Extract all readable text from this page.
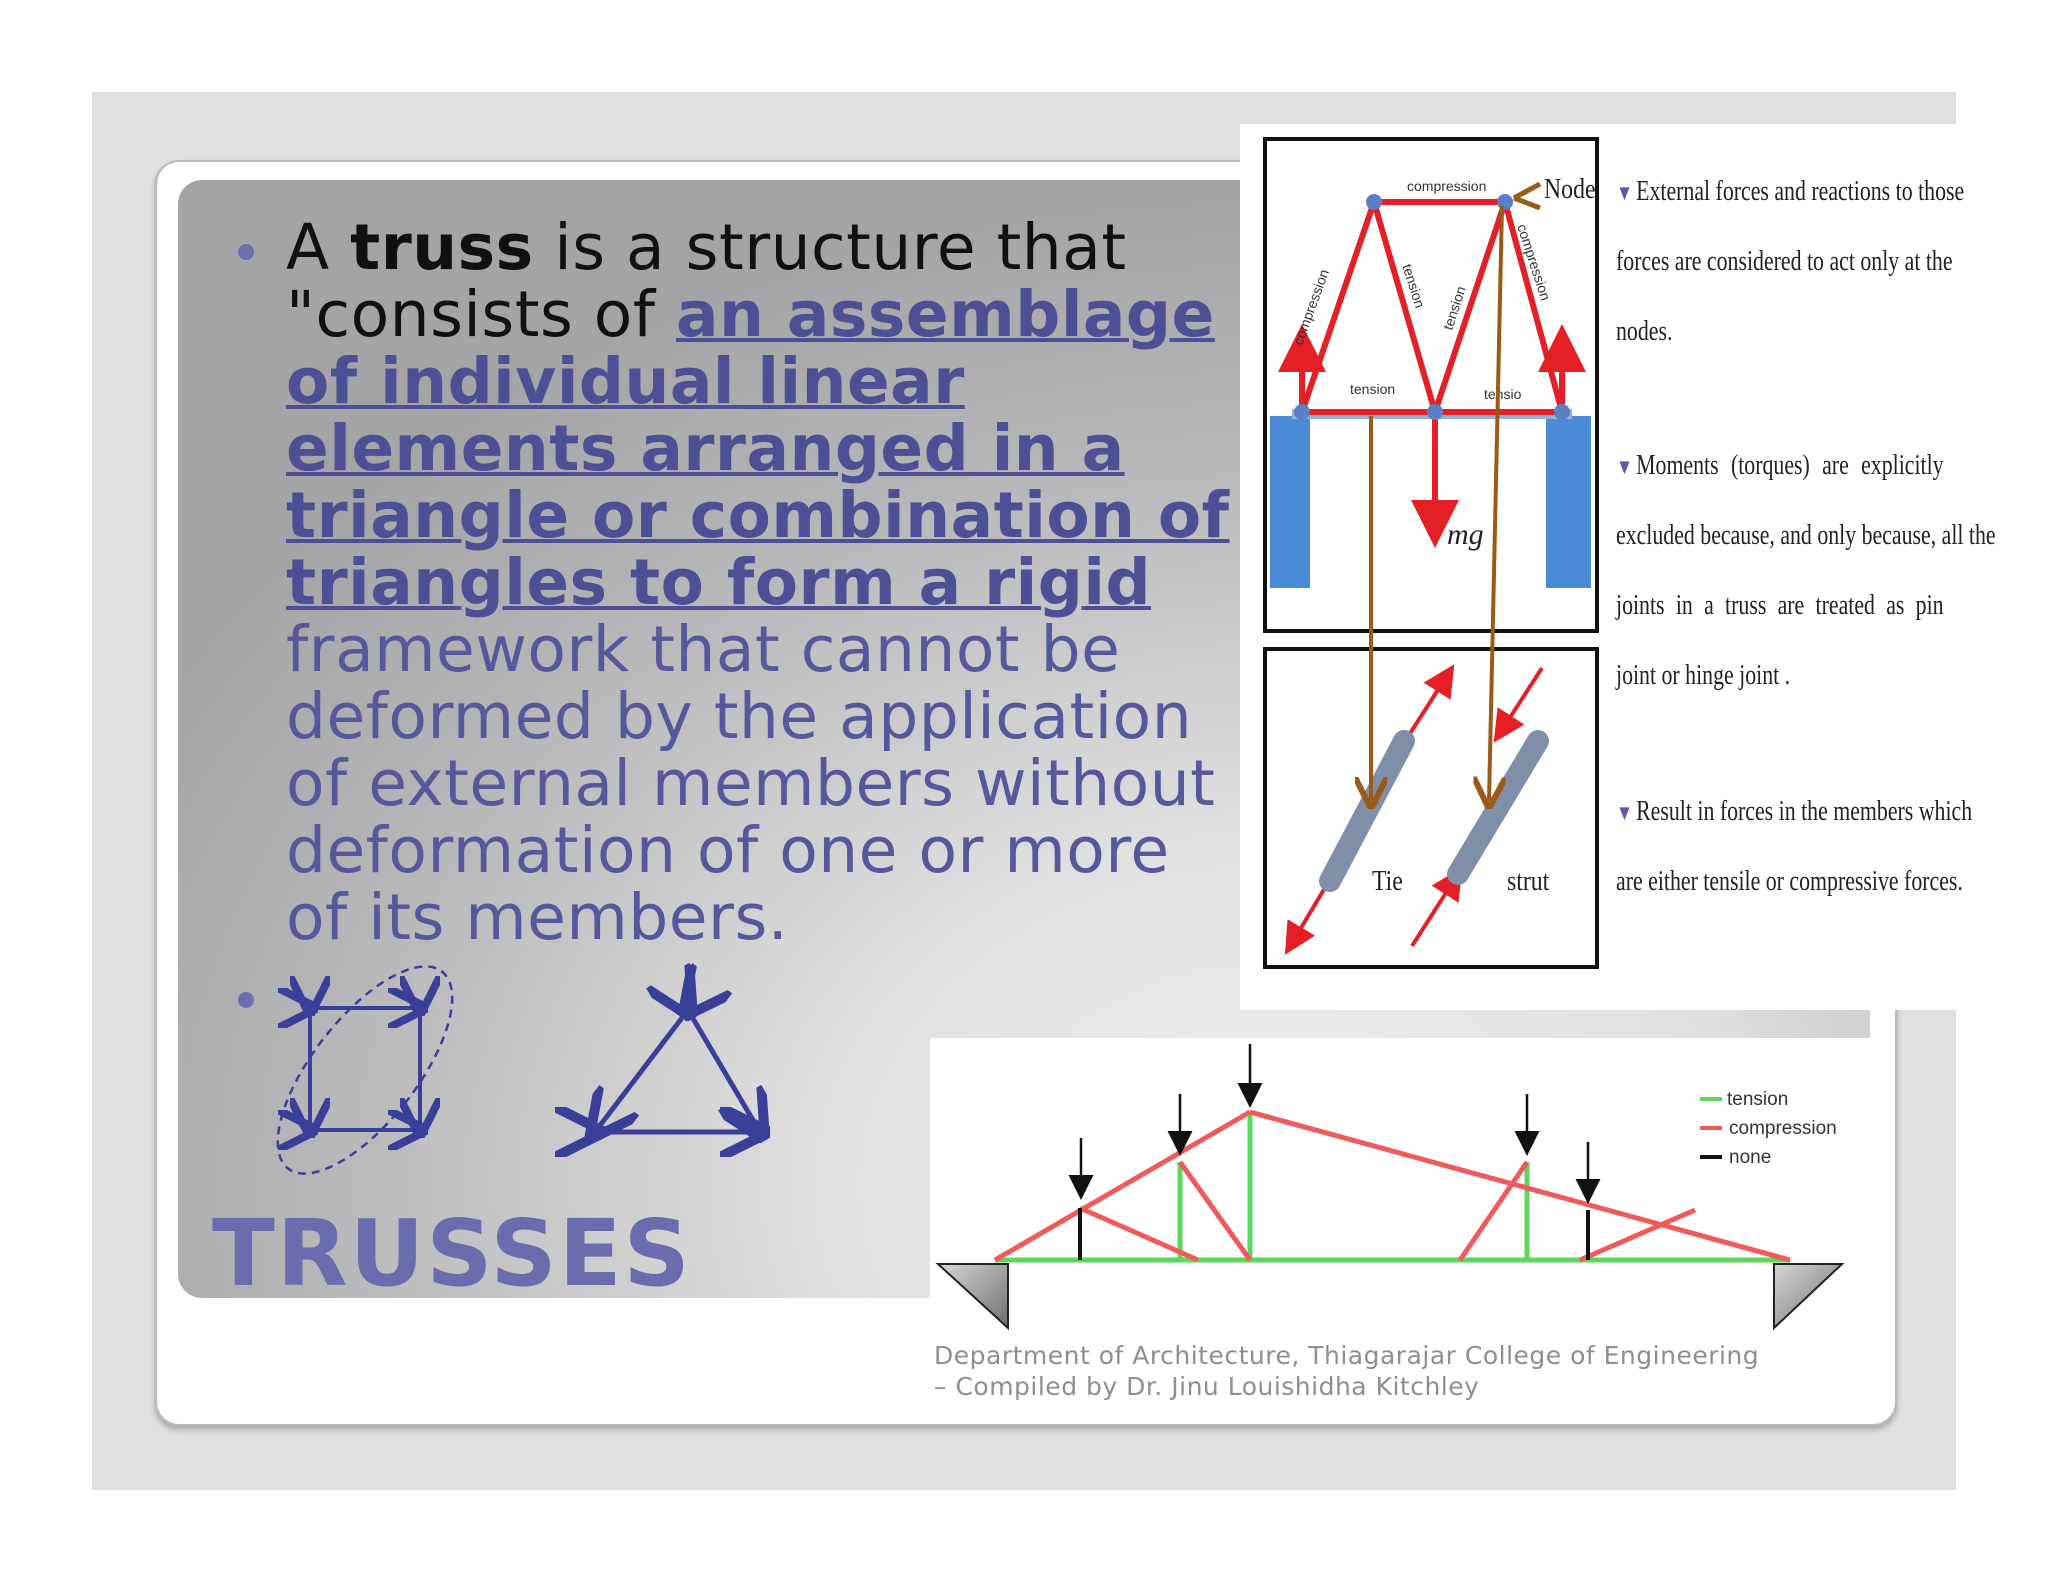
A truss is a structure that "consists of an assemblage of individual linear elements arranged in a triangle or combination of triangles to form a rigid framework that cannot be deformed by the application of external members without deformation of one or more of its members.
TRUSSES
compression
compression
compression
tension tension
tension	tensio
Node
mg
Tie	strut
▼ External forces and reactions to those
forces are considered to act only at the
nodes.
▼ Moments (torques) are explicitly
excluded because, and only because, all the
joints in a truss are treated as pin
joint or hinge joint .
▼ Result in forces in the members which
are either tensile or compressive forces.
tension
compression
none
Department of Architecture, Thiagarajar College of Engineering
– Compiled by Dr. Jinu Louishidha Kitchley
